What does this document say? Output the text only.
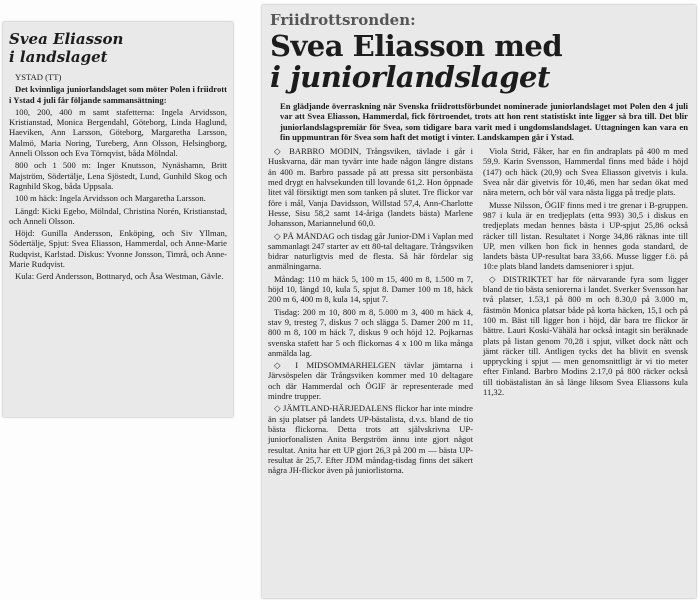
Svea Eliasson
i landslaget

YSTAD (TT)

Det kvinnliga juniorlandslaget som möter Polen i friidrott i Ystad 4 juli får följande sammansättning:

100, 200, 400 m samt stafetterna: Ingela Arvidsson, Kristianstad, Monica Bergendahl, Göteborg, Linda Haglund, Haeviken, Ann Larsson, Göteborg, Margaretha Larsson, Malmö, Maria Noring, Tureberg, Ann Olsson, Helsingborg, Anneli Olsson och Eva Törnqvist, båda Mölndal.

800 och 1 500 m: Inger Knutsson, Nynäshamn, Britt Majström, Södertälje, Lena Sjöstedt, Lund, Gunhild Skog och Ragnhild Skog, båda Uppsala.

100 m häck: Ingela Arvidsson och Margaretha Larsson.

Längd: Kicki Egebo, Mölndal, Christina Norén, Kristianstad, och Anneli Olsson.

Höjd: Gunilla Andersson, Enköping, och Siv Yllman, Södertälje, Spjut: Svea Eliasson, Hammerdal, och Anne-Marie Rudqvist, Karlstad. Diskus: Yvonne Jonsson, Timrå, och Anne-Marie Rudqvist.

Kula: Gerd Andersson, Bottnaryd, och Åsa Westman, Gävle.

Friidrottsronden:
Svea Eliasson med
i juniorlandslaget
En glädjande överraskning när Svenska friidrottsförbundet nominerade juniorlandslaget mot Polen den 4 juli var att Svea Eliasson, Hammerdal, fick förtroendet, trots att hon rent statistiskt inte ligger så bra till. Det blir juniorlandslagspremiär för Svea, som tidigare bara varit med i ungdomslandslaget. Uttagningen kan vara en fin uppmuntran för Svea som haft det motigt i vinter. Landskampen går i Ystad.

◇ BARBRO MODIN, Trångsviken, tävlade i går i Huskvarna, där man tyvärr inte hade någon längre distans än 400 m. Barbro passade på att pressa sitt personbästa med drygt en halvsekunden till lovande 61,2. Hon öppnade litet väl försiktigt men som tanken på slutet. Tre flickor var före i mål, Vanja Davidsson, Willstad 57,4, Ann-Charlotte Hesse, Sisu 58,2 samt 14-åriga (landets bästa) Marlene Johansson, Mariannelund 60,0.

◇ PÅ MÅNDAG och tisdag går Junior-DM i Vaplan med sammanlagt 247 starter av ett 80-tal deltagare. Trångsviken bidrar naturligtvis med de flesta. Så här fördelar sig anmälningarna.

Måndag: 110 m häck 5, 100 m 15, 400 m 8, 1.500 m 7, höjd 10, längd 10, kula 5, spjut 8. Damer 100 m 18, häck 200 m 6, 400 m 8, kula 14, spjut 7.

Tisdag: 200 m 10, 800 m 8, 5.000 m 3, 400 m häck 4, stav 9, tresteg 7, diskus 7 och slägga 5. Damer 200 m 11, 800 m 8, 100 m häck 7, diskus 9 och höjd 12. Pojkarnas svenska stafett har 5 och flickornas 4 x 100 m lika många anmälda lag.

◇ I MIDSOMMARHELGEN tävlar jämtarna i Järvsöspelen där Trångsviken kommer med 10 deltagare och där Hammerdal och ÖGIF är representerade med mindre trupper.

◇ JÄMTLAND-HÄRJEDALENS flickor har inte mindre än sju platser på landets UP-bästalista, d.v.s. bland de tio bästa flickorna. Detta trots att självskrivna UP-juniorfonalisten Anita Bergström ännu inte gjort något resultat. Anita har ett UP gjort 26,3 på 200 m — bästa UP-resultat är 25,7. Efter JDM måndag-tisdag finns det säkert några JH-flickor även på juniorlistorna.

Viola Strid, Fåker, har en fin andraplats på 400 m med 59,9. Karin Svensson, Hammerdal finns med både i höjd (147) och häck (20,9) och Svea Eliasson givetvis i kula. Svea når där givetvis för 10,46, men har sedan ökat med nära metern, och bör väl vara nästa ligga på tredje plats.

Musse Nilsson, ÖGIF finns med i tre grenar i B-gruppen. 987 i kula är en tredjeplats (etta 993) 30,5 i diskus en tredjeplats medan hennes bästa i UP-spjut 25,86 också räcker till listan. Resultatet i Norge 34,86 räknas inte till UP, men vilken hon fick in hennes goda standard, de landets bästa UP-resultat bara 33,66. Musse ligger f.ö. på 10:e plats bland landets damseniorer i spjut.

◇ DISTRIKTET har för närvarande fyra som ligger bland de tio bästa seniorerna i landet. Sverker Svensson har två platser, 1.53,1 på 800 m och 8.30,0 på 3.000 m, fästmön Monica platsar både på korta häcken, 15,1 och på 100 m. Bäst till ligger hon i höjd, där bara tre flickor är bättre. Lauri Koski-Vähälä har också intagit sin beräknade plats på listan genom 70,28 i spjut, vilket dock nått och jämt räcker till. Antligen tycks det ha blivit en svensk upprycking i spjut — men genomsnittligt är vi tio meter efter Finland. Barbro Modins 2.17,0 på 800 räcker också till tiobästalistan än så länge liksom Svea Eliassons kula 11,32.
